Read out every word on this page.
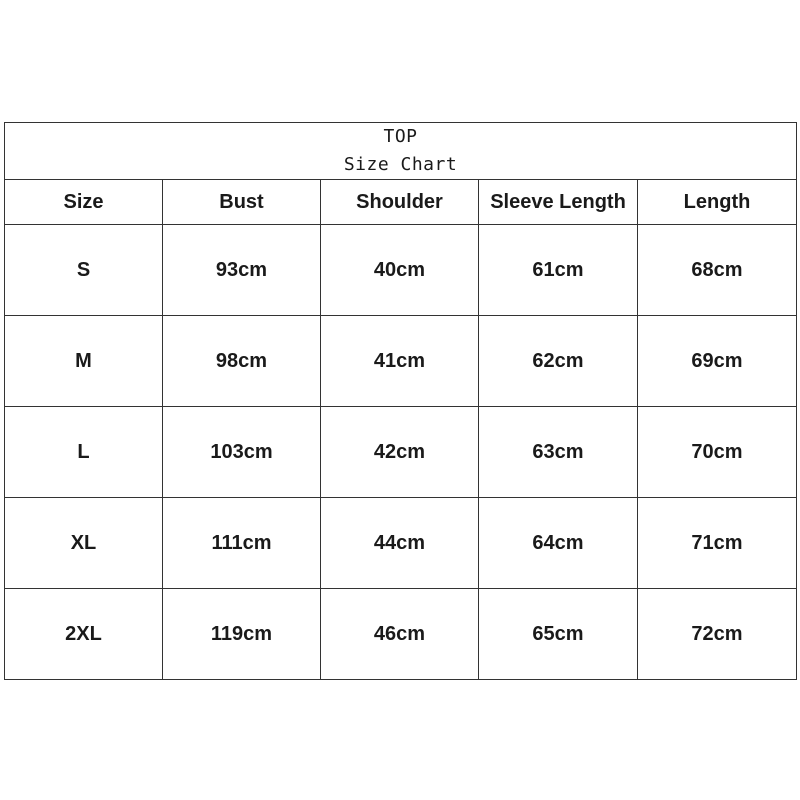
TOP
Size Chart				

Size	Bust	Shoulder	Sleeve Length	Length
S	93cm	40cm	61cm	68cm
M	98cm	41cm	62cm	69cm
L	103cm	42cm	63cm	70cm
XL	111cm	44cm	64cm	71cm
2XL	119cm	46cm	65cm	72cm
